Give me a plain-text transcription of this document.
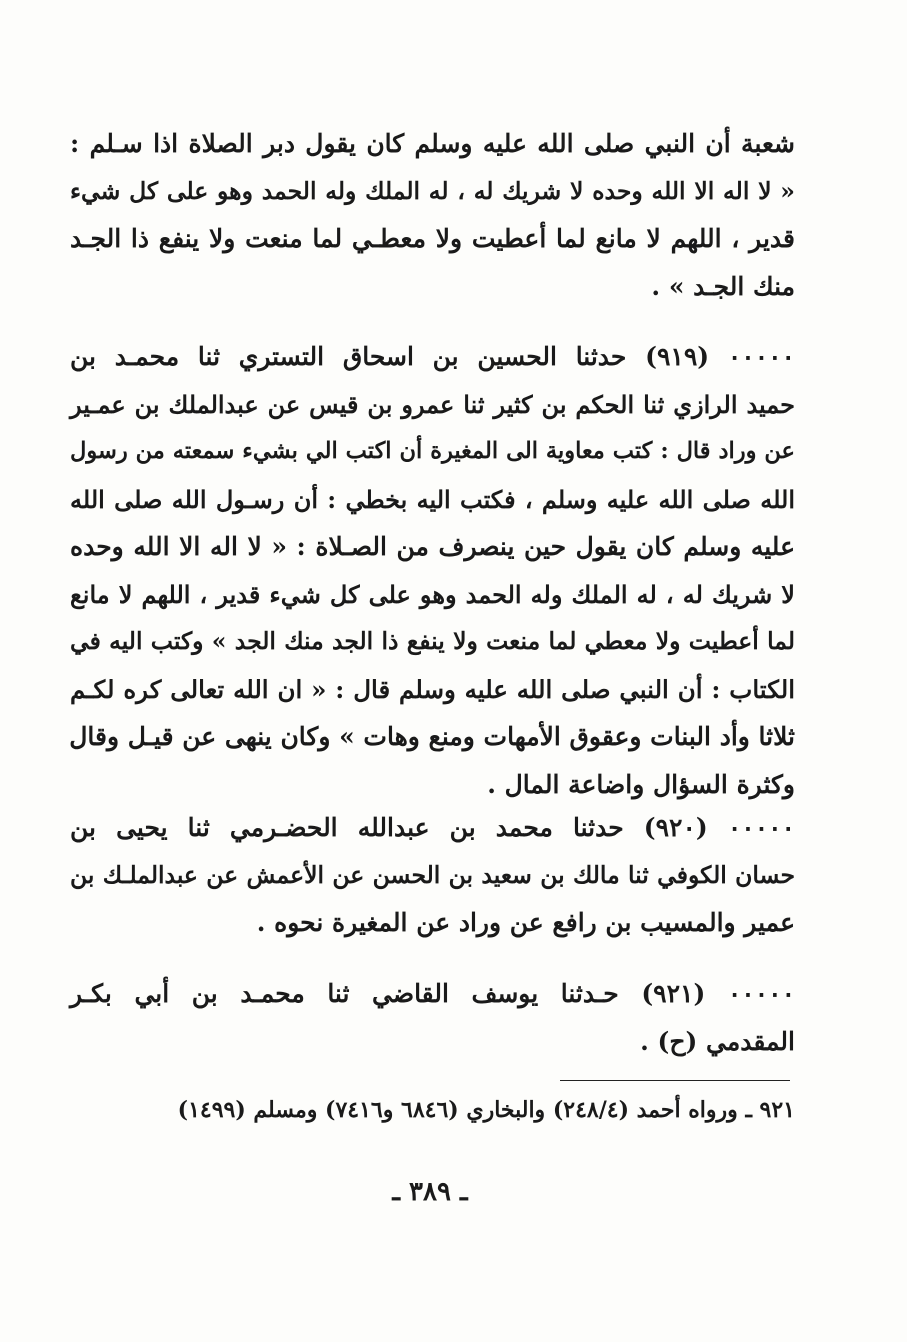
شعبة أن النبي صلى الله عليه وسلم كان يقول دبر الصلاة اذا سـلم :
« لا اله الا الله وحده لا شريك له ، له الملك وله الحمد وهو على كل شيء
قدير ، اللهم لا مانع لما أعطيت ولا معطـي لما منعت ولا ينفع ذا الجـد
منك الجـد » .
٠٠٠٠٠ (٩١٩) حدثنا الحسين بن اسحاق التستري ثنا محمـد بن
حميد الرازي ثنا الحكم بن كثير ثنا عمرو بن قيس عن عبدالملك بن عمـير
عن وراد قال : كتب معاوية الى المغيرة أن اكتب الي بشيء سمعته من رسول
الله صلى الله عليه وسلم ، فكتب اليه بخطي : أن رسـول الله صلى الله
عليه وسلم كان يقول حين ينصرف من الصـلاة : « لا اله الا الله وحده
لا شريك له ، له الملك وله الحمد وهو على كل شيء قدير ، اللهم لا مانع
لما أعطيت ولا معطي لما منعت ولا ينفع ذا الجد منك الجد » وكتب اليه في
الكتاب : أن النبي صلى الله عليه وسلم قال : « ان الله تعالى كره لكـم
ثلاثا وأد البنات وعقوق الأمهات ومنع وهات » وكان ينهى عن قيـل وقال
وكثرة السؤال واضاعة المال .
٠٠٠٠٠ (٩٢٠) حدثنا محمد بن عبدالله الحضـرمي ثنا يحيى بن
حسان الكوفي ثنا مالك بن سعيد بن الحسن عن الأعمش عن عبدالملـك بن
عمير والمسيب بن رافع عن وراد عن المغيرة نحوه .
٠٠٠٠٠ (٩٢١) حـدثنا يوسف القاضي ثنا محمـد بن أبي بكـر
المقدمي (ح) .
٩٢١ ـ ورواه أحمد (٢٤٨/٤) والبخاري (٦٨٤٦ و٧٤١٦) ومسلم (١٤٩٩)
ـ ٣٨٩ ـ
